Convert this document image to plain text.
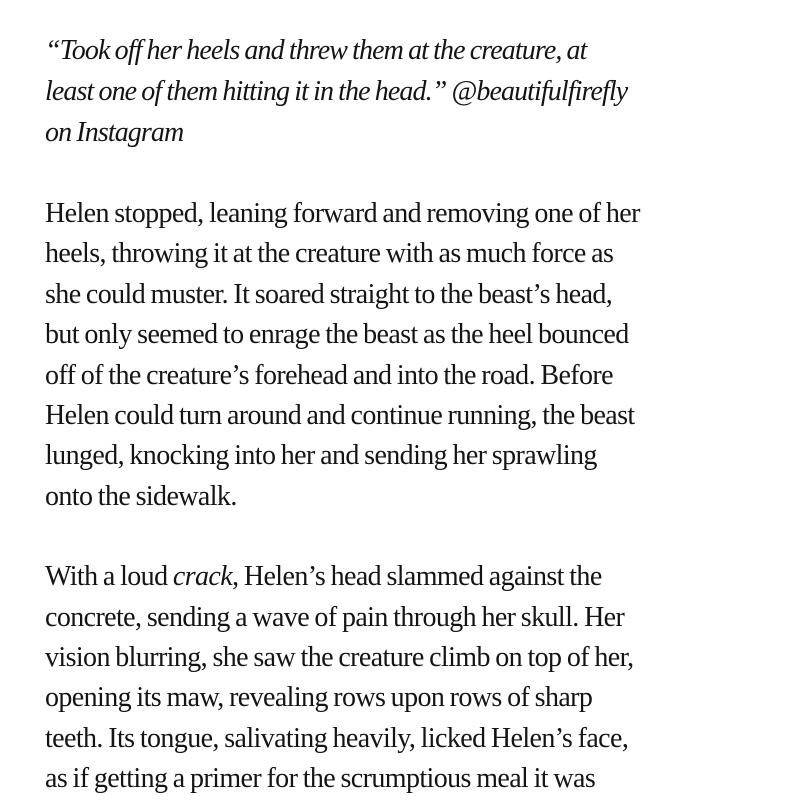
“Took off her heels and threw them at the creature, at
least one of them hitting it in the head.” @beautifulfirefly
on Instagram
Helen stopped, leaning forward and removing one of her
heels, throwing it at the creature with as much force as
she could muster. It soared straight to the beast’s head,
but only seemed to enrage the beast as the heel bounced
off of the creature’s forehead and into the road. Before
Helen could turn around and continue running, the beast
lunged, knocking into her and sending her sprawling
onto the sidewalk.
With a loud crack, Helen’s head slammed against the
concrete, sending a wave of pain through her skull. Her
vision blurring, she saw the creature climb on top of her,
opening its maw, revealing rows upon rows of sharp
teeth. Its tongue, salivating heavily, licked Helen’s face,
as if getting a primer for the scrumptious meal it was
